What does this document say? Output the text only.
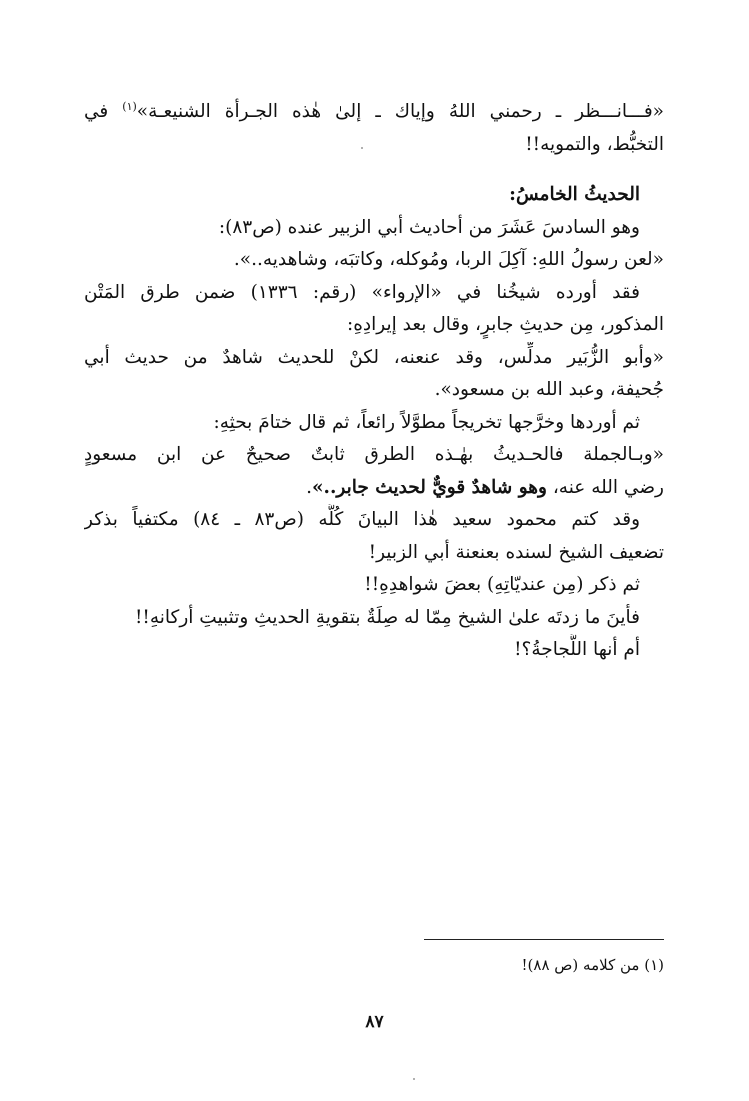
«فـــانـــظر ـ رحمني اللهُ وإياك ـ إلىٰ هٰذه الجـرأة الشنيعـة»$^{(١)}$ في
التخبُّط، والتمويه!!
الحديثُ الخامسُ:
وهو السادسَ عَشَرَ من أحاديث أبي الزبير عنده (ص٨٣):
«لعن رسولُ اللهِ: آكِلَ الربا، ومُوكله، وكاتبَه، وشاهديه..».
فقد أورده شيخُنا في «الإرواء» (رقم: ١٣٣٦) ضمن طرق المَتْن
المذكور، مِن حديثِ جابرٍ، وقال بعد إيرادِهِ:
«وأبو الزُّبَير مدلِّس، وقد عنعنه، لكنْ للحديث شاهدٌ من حديث أبي
جُحيفة، وعبد الله بن مسعود».
ثم أوردها وخرَّجها تخريجاً مطوَّلاً رائعاً، ثم قال ختامَ بحثِهِ:
«وبـالجملة فالحـديثُ بهٰـذه الطرق ثابتٌ صحيحٌ عن ابن مسعودٍ
رضي الله عنه، وهو شاهدٌ قويٌّ لحديث جابر..».
وقد كتم محمود سعيد هٰذا البيانَ كُلَّه (ص٨٣ ـ ٨٤) مكتفياً بذكر
تضعيف الشيخ لسنده بعنعنة أبي الزبير!
ثم ذكر (مِن عنديّاتِهِ) بعضَ شواهدِهِ!!
فأينَ ما زدتَه علىٰ الشيخ مِمّا له صِلَةٌ بتقويةِ الحديثِ وتثبيتِ أركانهِ!!
أم أنها اللَّجاجةُ؟!
(١) من كلامه (ص ٨٨)!
٨٧
